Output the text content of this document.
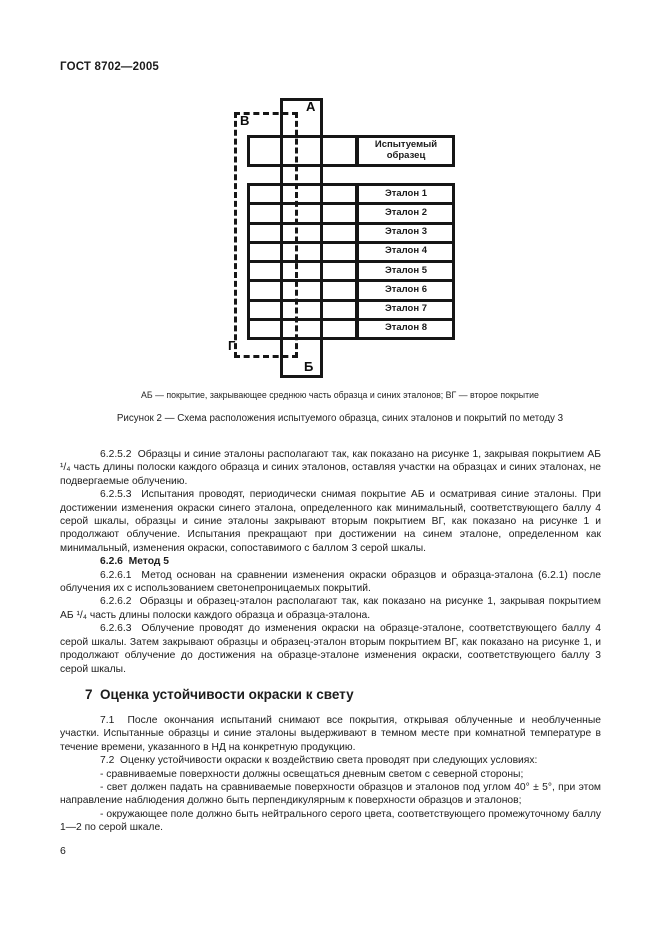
ГОСТ 8702—2005
Испытуемый образец
Эталон 1
Эталон 2
Эталон 3
Эталон 4
Эталон 5
Эталон 6
Эталон 7
Эталон 8
А
Б
В
Г
АБ — покрытие, закрывающее среднюю часть образца и синих эталонов; ВГ — второе покрытие
Рисунок 2 — Схема расположения испытуемого образца, синих эталонов и покрытий по методу 3

6.2.5.2  Образцы и синие эталоны располагают так, как показано на рисунке 1, закрывая покрытием АБ ¹/₄ часть длины полоски каждого образца и синих эталонов, оставляя участки на образцах и синих эталонах, не подвергаемые облучению.

6.2.5.3  Испытания проводят, периодически снимая покрытие АБ и осматривая синие эталоны. При достижении изменения окраски синего эталона, определенного как минимальный, соответствующего баллу 4 серой шкалы, образцы и синие эталоны закрывают вторым покрытием ВГ, как показано на рисунке 1 и продолжают облучение. Испытания прекращают при достижении на синем эталоне, определенном как минимальный, изменения окраски, сопоставимого с баллом 3 серой шкалы.

6.2.6  Метод 5

6.2.6.1  Метод основан на сравнении изменения окраски образцов и образца-эталона (6.2.1) после облучения их с использованием светонепроницаемых покрытий.

6.2.6.2  Образцы и образец-эталон располагают так, как показано на рисунке 1, закрывая покрытием АБ ¹/₄ часть длины полоски каждого образца и образца-эталона.

6.2.6.3  Облучение проводят до изменения окраски на образце-эталоне, соответствующего баллу 4 серой шкалы. Затем закрывают образцы и образец-эталон вторым покрытием ВГ, как показано на рисунке 1, и продолжают облучение до достижения на образце-эталоне изменения окраски, соответствующего баллу 3 серой шкалы.

7  Оценка устойчивости окраски к свету

7.1  После окончания испытаний снимают все покрытия, открывая облученные и необлученные участки. Испытанные образцы и синие эталоны выдерживают в темном месте при комнатной температуре в течение времени, указанного в НД на конкретную продукцию.

7.2  Оценку устойчивости окраски к воздействию света проводят при следующих условиях:

- сравниваемые поверхности должны освещаться дневным светом с северной стороны;

- свет должен падать на сравниваемые поверхности образцов и эталонов под углом 40° ± 5°, при этом направление наблюдения должно быть перпендикулярным к поверхности образцов и эталонов;

- окружающее поле должно быть нейтрального серого цвета, соответствующего промежуточному баллу 1—2 по серой шкале.

6
